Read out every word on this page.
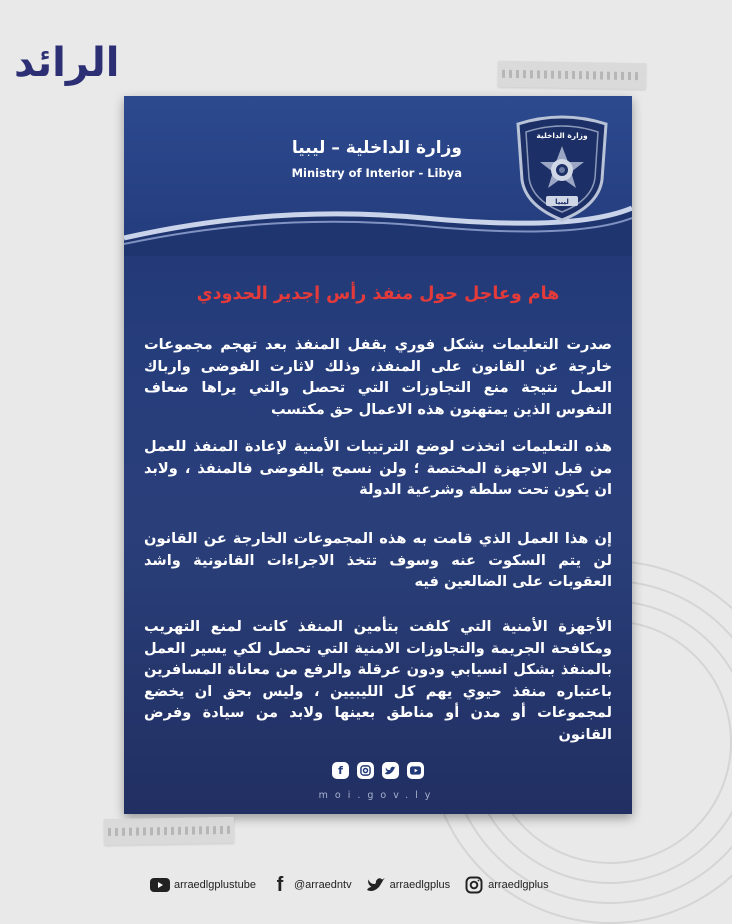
الرائد
وزارة الداخلية – ليبيا
Ministry of Interior - Libya
وزارة الداخلية
ليبيا
هام وعاجل حول منفذ رأس إجدير الحدودي
صدرت التعليمات بشكل فوري بقفل المنفذ بعد تهجم مجموعات خارجة عن القانون على المنفذ، وذلك لاثارت الفوضى وارباك العمل نتيجة منع التجاوزات التي تحصل والتي يراها ضعاف النفوس الذين يمتهنون هذه الاعمال حق مكتسب
هذه التعليمات اتخذت لوضع الترتيبات الأمنية لإعادة المنفذ للعمل من قبل الاجهزة المختصة ؛ ولن نسمح بالفوضى فالمنفذ ، ولابد ان يكون تحت سلطة وشرعية الدولة
إن هذا العمل الذي قامت به هذه المجموعات الخارجة عن القانون لن يتم السكوت عنه وسوف تتخذ الاجراءات القانونية واشد العقوبات على الضالعين فيه
الأجهزة الأمنية التي كلفت بتأمين المنفذ كانت لمنع التهريب ومكافحة الجريمة والتجاوزات الامنية التي تحصل لكي يسير العمل بالمنفذ بشكل انسيابي ودون عرقلة والرفع من معاناة المسافرين باعتباره منفذ حيوي يهم كل الليبيين ، وليس بحق ان يخضع لمجموعات أو مدن أو مناطق بعينها ولابد من سيادة وفرض القانون
f
moi.gov.ly
arraedlgplustube	f @arraedntv	arraedlgplus	arraedlgplus
